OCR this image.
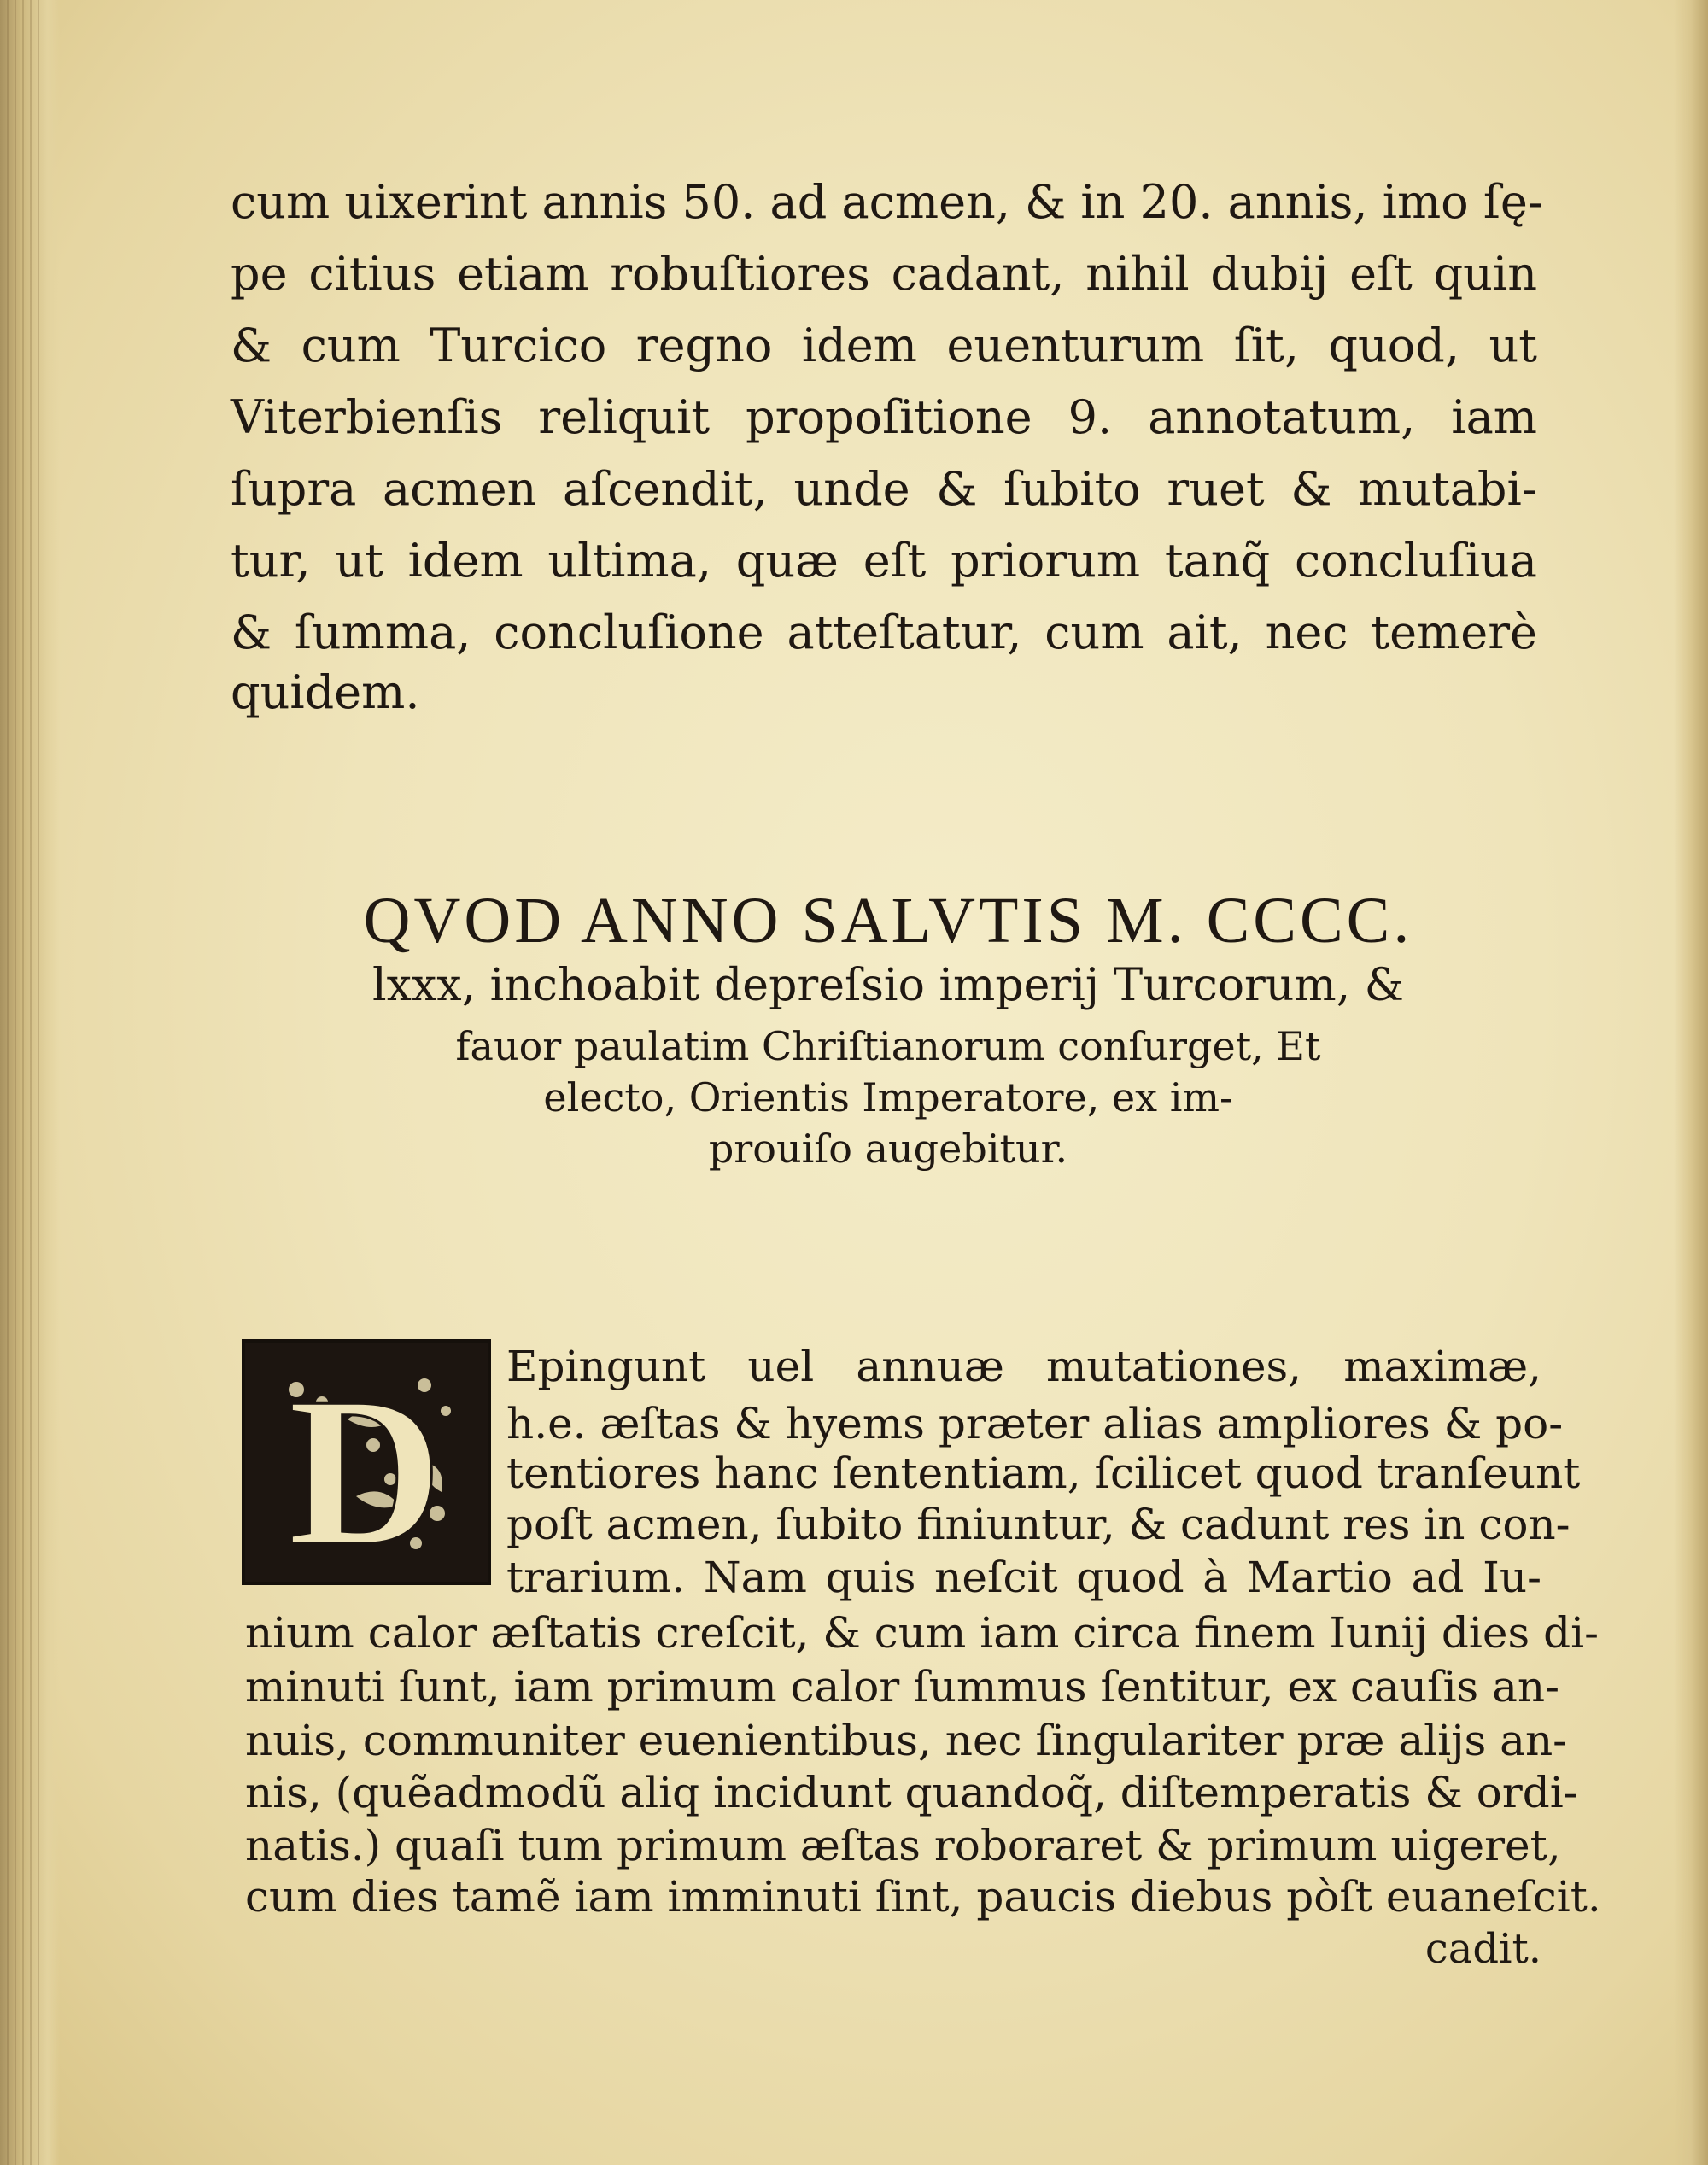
cum uixerint annis 50. ad acmen, & in 20. annis, imo ſę-
pe citius etiam robuſtiores cadant, nihil dubij eſt quin
& cum Turcico regno idem euenturum ſit, quod, ut
Viterbienſis reliquit propoſitione 9. annotatum, iam
ſupra acmen aſcendit, unde & ſubito ruet & mutabi-
tur, ut idem ultima, quæ eſt priorum tanq̃ concluſiua
& ſumma, concluſione atteſtatur, cum ait, nec temerè
quidem.
QVOD ANNO SALVTIS M. CCCC.
lxxx, inchoabit depreſsio imperij Turcorum, &
fauor paulatim Chriſtianorum conſurget, Et
electo, Orientis Imperatore, ex im-
prouiſo augebitur.
D Epingunt uel annuæ mutationes, maximæ,
h.e. æſtas & hyems præter alias ampliores & po-
tentiores hanc ſententiam, ſcilicet quod tranſeunt
poſt acmen, ſubito finiuntur, & cadunt res in con-
trarium. Nam quis neſcit quod à Martio ad Iu-
nium calor æſtatis creſcit, & cum iam circa finem Iunij dies di-
minuti ſunt, iam primum calor ſummus ſentitur, ex cauſis an-
nuis, communiter euenientibus, nec ſingulariter præ alijs an-
nis, (quẽadmodũ aliq incidunt quandoq̃, diſtemperatis & ordi-
natis.) quaſi tum primum æſtas roboraret & primum uigeret,
cum dies tamẽ iam imminuti ſint, paucis diebus pòſt euaneſcit.
cadit.
